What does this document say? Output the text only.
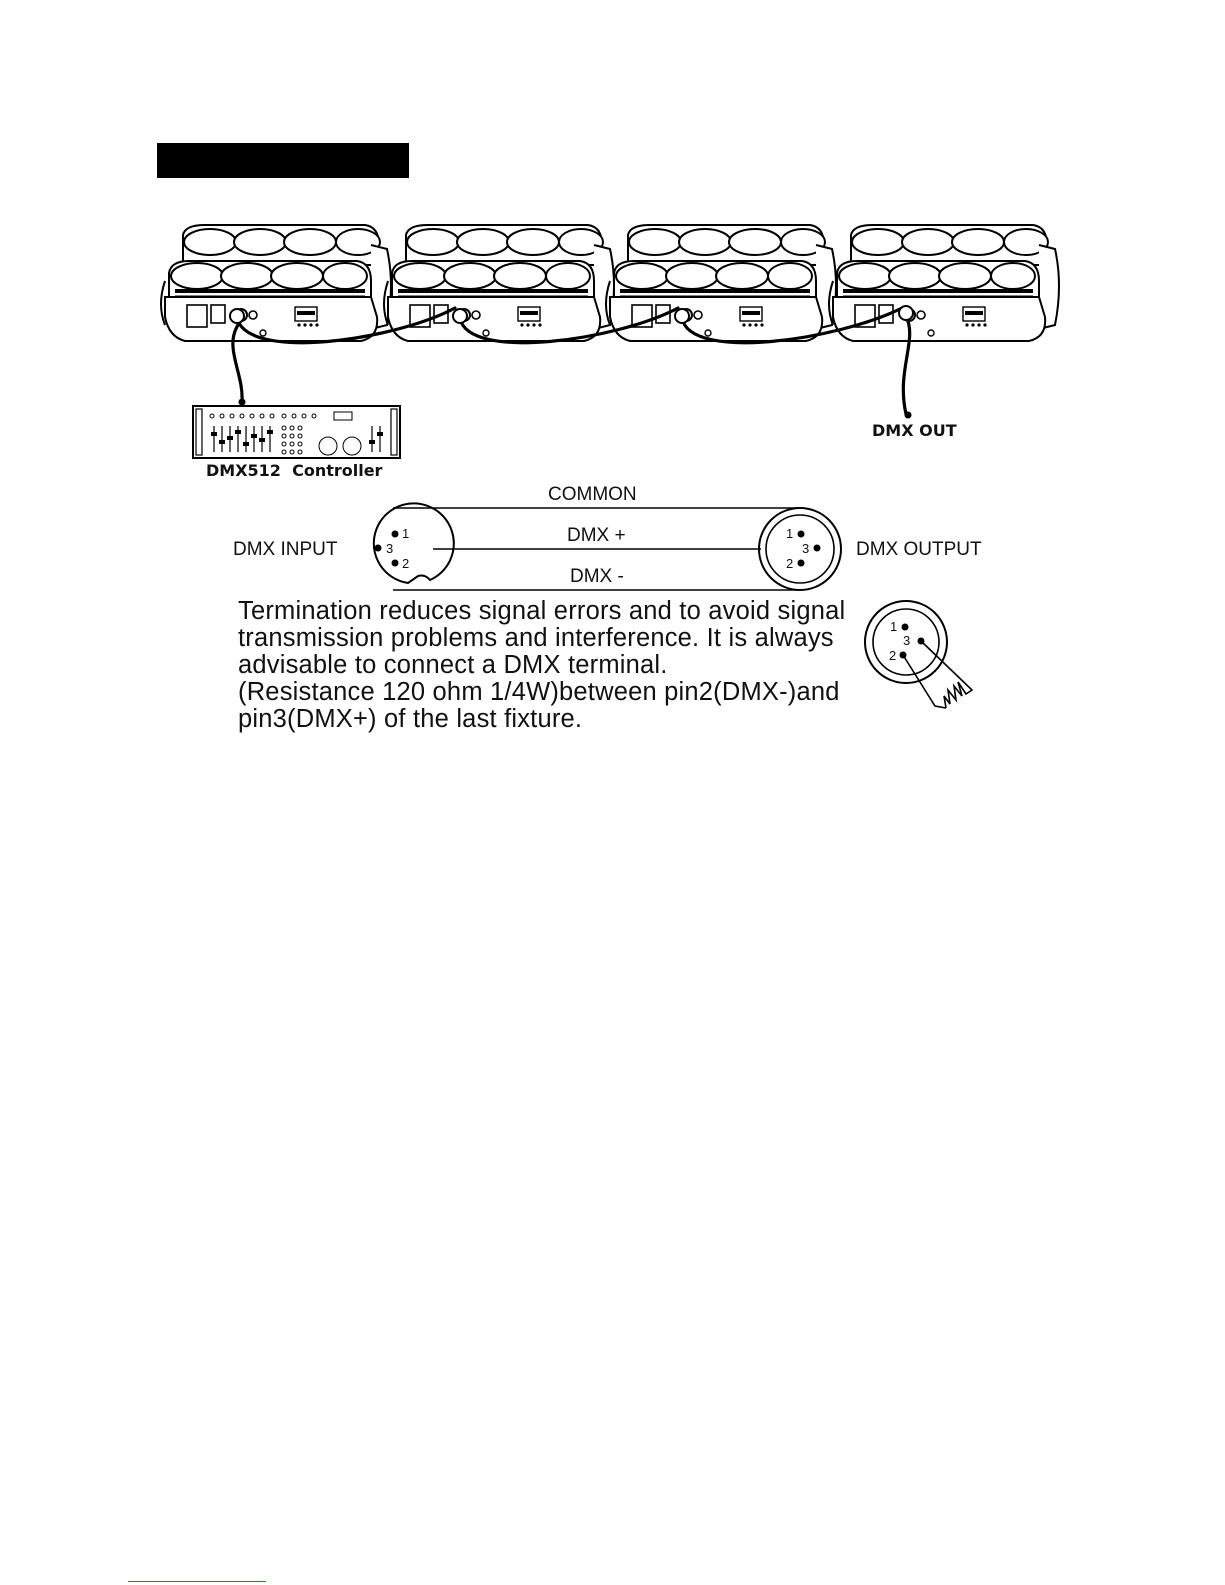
DMX512  Controller
DMX OUT
COMMON
DMX +
DMX -
DMX INPUT	DMX OUTPUT
1
3
2
1
3
2
1
3
2
Termination reduces signal errors and to avoid signal
transmission problems and interference. It is always
advisable to connect a DMX terminal.
(Resistance 120 ohm 1/4W)between pin2(DMX-)and
pin3(DMX+) of the last fixture.
